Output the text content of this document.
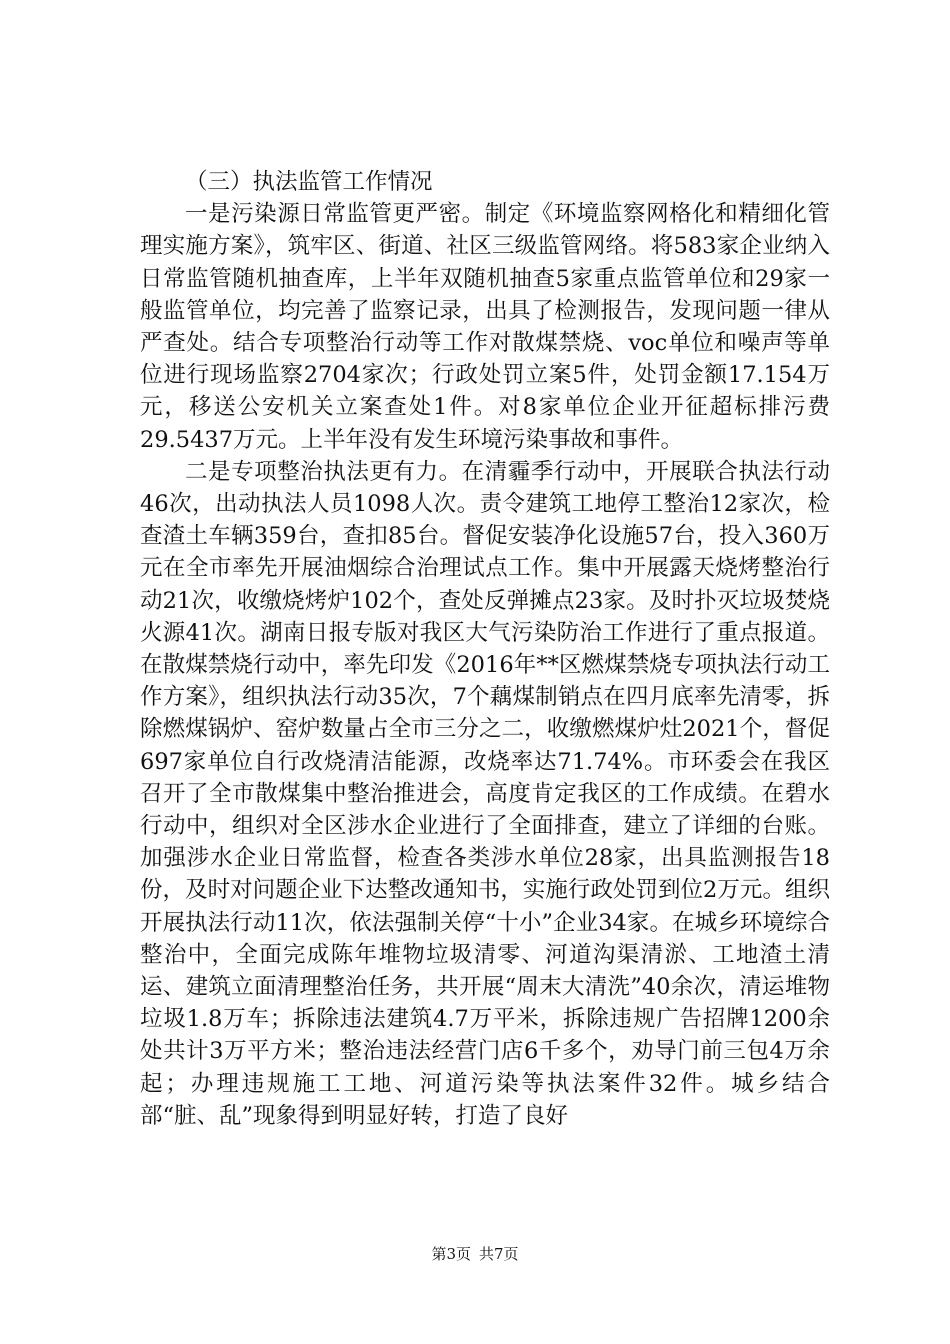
（三）执法监管工作情况

一是污染源日常监管更严密。制定《环境监察网格化和精细化管理实施方案》，筑牢区、街道、社区三级监管网络。将583家企业纳入日常监管随机抽查库，上半年双随机抽查5家重点监管单位和29家一般监管单位，均完善了监察记录，出具了检测报告，发现问题一律从严查处。结合专项整治行动等工作对散煤禁烧、voc单位和噪声等单位进行现场监察2704家次；行政处罚立案5件，处罚金额17.154万元，移送公安机关立案查处1件。对8家单位企业开征超标排污费29.5437万元。上半年没有发生环境污染事故和事件。

二是专项整治执法更有力。在清霾季行动中，开展联合执法行动46次，出动执法人员1098人次。责令建筑工地停工整治12家次，检查渣土车辆359台，查扣85台。督促安装净化设施57台，投入360万元在全市率先开展油烟综合治理试点工作。集中开展露天烧烤整治行动21次，收缴烧烤炉102个，查处反弹摊点23家。及时扑灭垃圾焚烧火源41次。湖南日报专版对我区大气污染防治工作进行了重点报道。在散煤禁烧行动中，率先印发《2016年**区燃煤禁烧专项执法行动工作方案》，组织执法行动35次，7个藕煤制销点在四月底率先清零，拆除燃煤锅炉、窑炉数量占全市三分之二，收缴燃煤炉灶2021个，督促697家单位自行改烧清洁能源，改烧率达71.74%。市环委会在我区召开了全市散煤集中整治推进会，高度肯定我区的工作成绩。在碧水行动中，组织对全区涉水企业进行了全面排查，建立了详细的台账。加强涉水企业日常监督，检查各类涉水单位28家，出具监测报告18份，及时对问题企业下达整改通知书，实施行政处罚到位2万元。组织开展执法行动11次，依法强制关停“十小”企业34家。在城乡环境综合整治中，全面完成陈年堆物垃圾清零、河道沟渠清淤、工地渣土清运、建筑立面清理整治任务，共开展“周末大清洗”40余次，清运堆物垃圾1.8万车；拆除违法建筑4.7万平米，拆除违规广告招牌1200余处共计3万平方米；整治违法经营门店6千多个，劝导门前三包4万余起；办理违规施工工地、河道污染等执法案件32件。城乡结合部“脏、乱”现象得到明显好转，打造了良好

第3页 共7页
